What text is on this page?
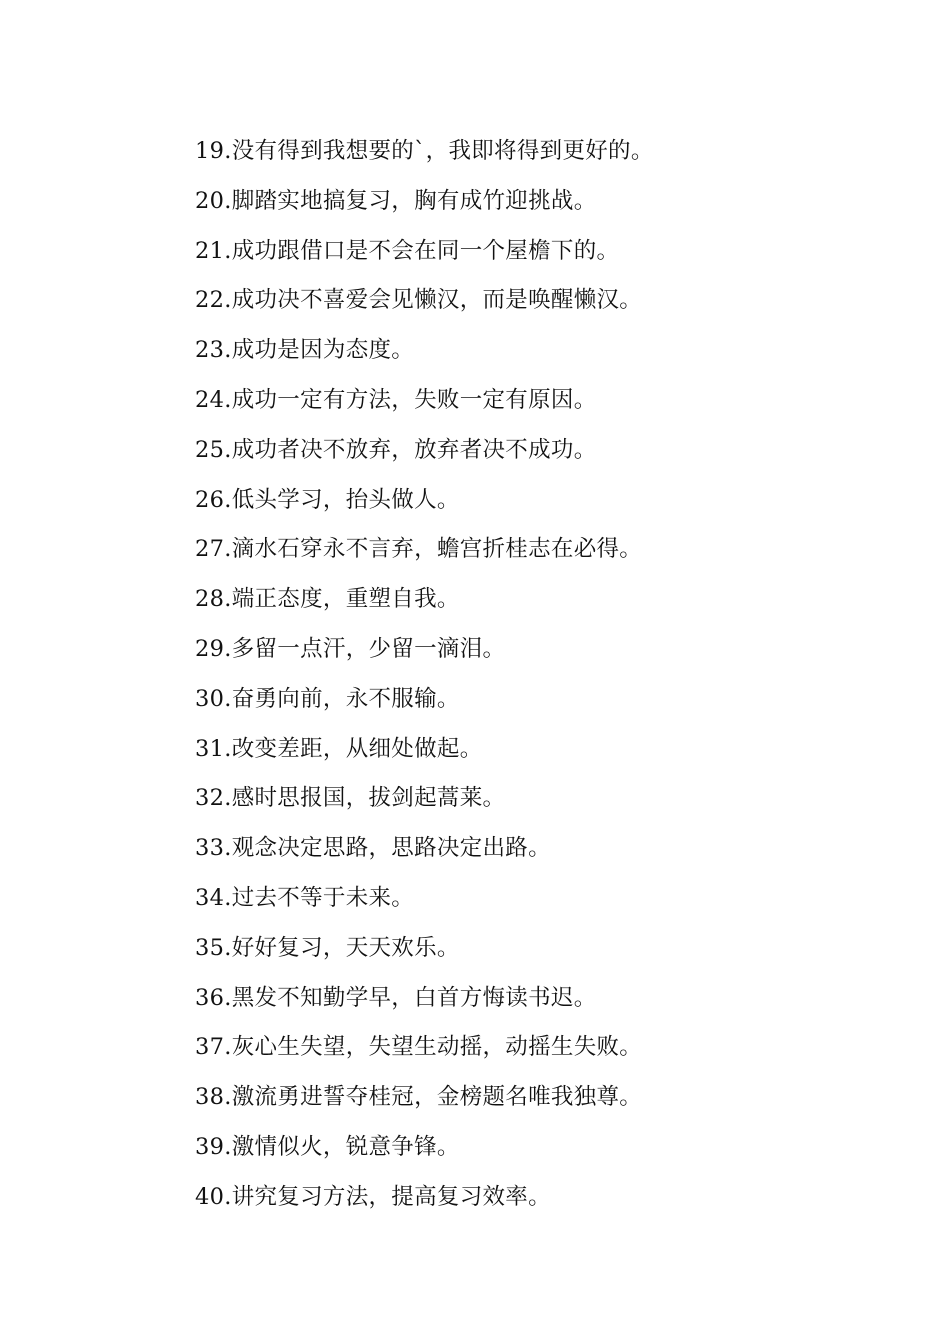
19.没有得到我想要的`，我即将得到更好的。
20.脚踏实地搞复习，胸有成竹迎挑战。
21.成功跟借口是不会在同一个屋檐下的。
22.成功决不喜爱会见懒汉，而是唤醒懒汉。
23.成功是因为态度。
24.成功一定有方法，失败一定有原因。
25.成功者决不放弃，放弃者决不成功。
26.低头学习，抬头做人。
27.滴水石穿永不言弃，蟾宫折桂志在必得。
28.端正态度，重塑自我。
29.多留一点汗，少留一滴泪。
30.奋勇向前，永不服输。
31.改变差距，从细处做起。
32.感时思报国，拔剑起蒿莱。
33.观念决定思路，思路决定出路。
34.过去不等于未来。
35.好好复习，天天欢乐。
36.黑发不知勤学早，白首方悔读书迟。
37.灰心生失望，失望生动摇，动摇生失败。
38.激流勇进誓夺桂冠，金榜题名唯我独尊。
39.激情似火，锐意争锋。
40.讲究复习方法，提高复习效率。
